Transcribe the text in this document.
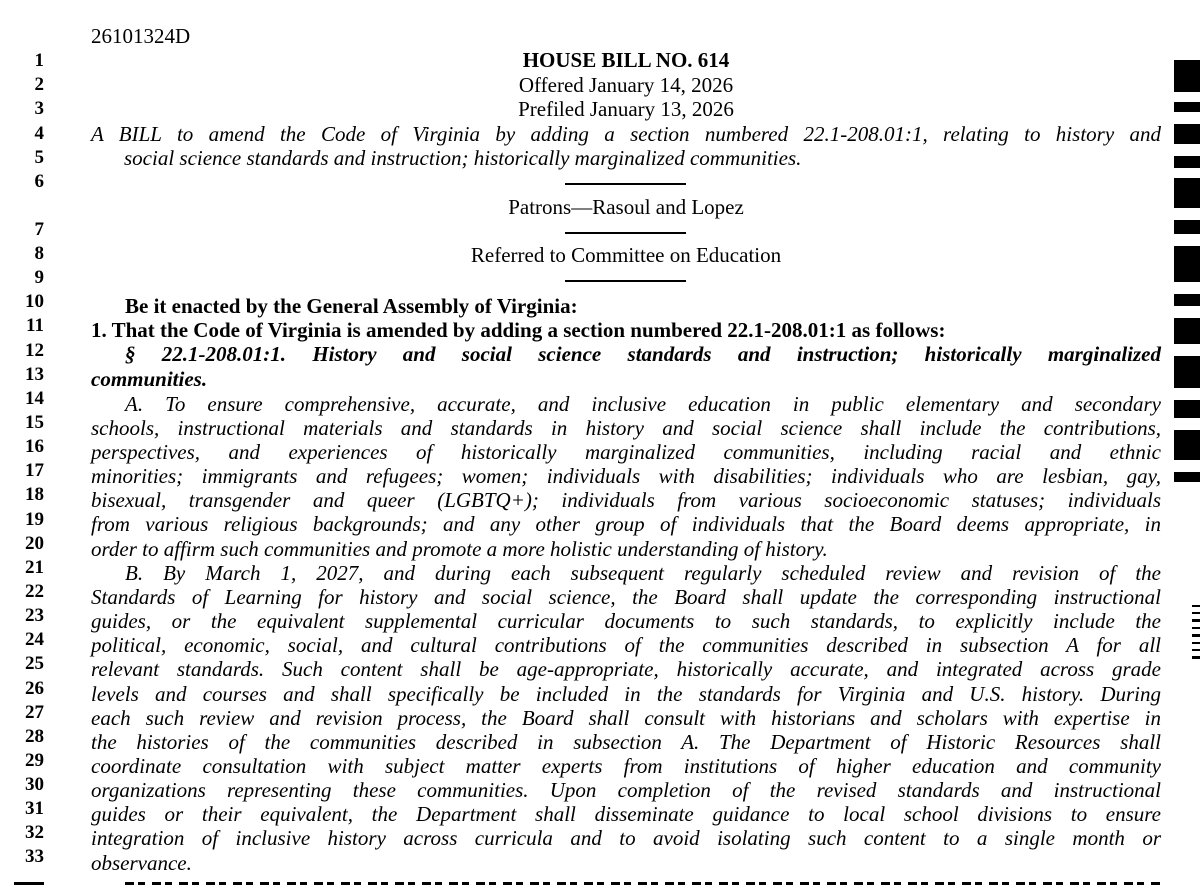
26101324D
1
2
3
4
5
6
7
8
9
10
11
12
13
14
15
16
17
18
19
20
21
22
23
24
25
26
27
28
29
30
31
32
33
HOUSE BILL NO. 614
Offered January 14, 2026
Prefiled January 13, 2026
A BILL to amend the Code of Virginia by adding a section numbered 22.1-208.01:1, relating to history and
social science standards and instruction; historically marginalized communities.
Patrons—Rasoul and Lopez
Referred to Committee on Education
Be it enacted by the General Assembly of Virginia:
1. That the Code of Virginia is amended by adding a section numbered 22.1-208.01:1 as follows:
§ 22.1-208.01:1. History and social science standards and instruction; historically marginalized
communities.
A. To ensure comprehensive, accurate, and inclusive education in public elementary and secondary
schools, instructional materials and standards in history and social science shall include the contributions,
perspectives, and experiences of historically marginalized communities, including racial and ethnic
minorities; immigrants and refugees; women; individuals with disabilities; individuals who are lesbian, gay,
bisexual, transgender and queer (LGBTQ+); individuals from various socioeconomic statuses; individuals
from various religious backgrounds; and any other group of individuals that the Board deems appropriate, in
order to affirm such communities and promote a more holistic understanding of history.
B. By March 1, 2027, and during each subsequent regularly scheduled review and revision of the
Standards of Learning for history and social science, the Board shall update the corresponding instructional
guides, or the equivalent supplemental curricular documents to such standards, to explicitly include the
political, economic, social, and cultural contributions of the communities described in subsection A for all
relevant standards. Such content shall be age-appropriate, historically accurate, and integrated across grade
levels and courses and shall specifically be included in the standards for Virginia and U.S. history. During
each such review and revision process, the Board shall consult with historians and scholars with expertise in
the histories of the communities described in subsection A. The Department of Historic Resources shall
coordinate consultation with subject matter experts from institutions of higher education and community
organizations representing these communities. Upon completion of the revised standards and instructional
guides or their equivalent, the Department shall disseminate guidance to local school divisions to ensure
integration of inclusive history across curricula and to avoid isolating such content to a single month or
observance.
